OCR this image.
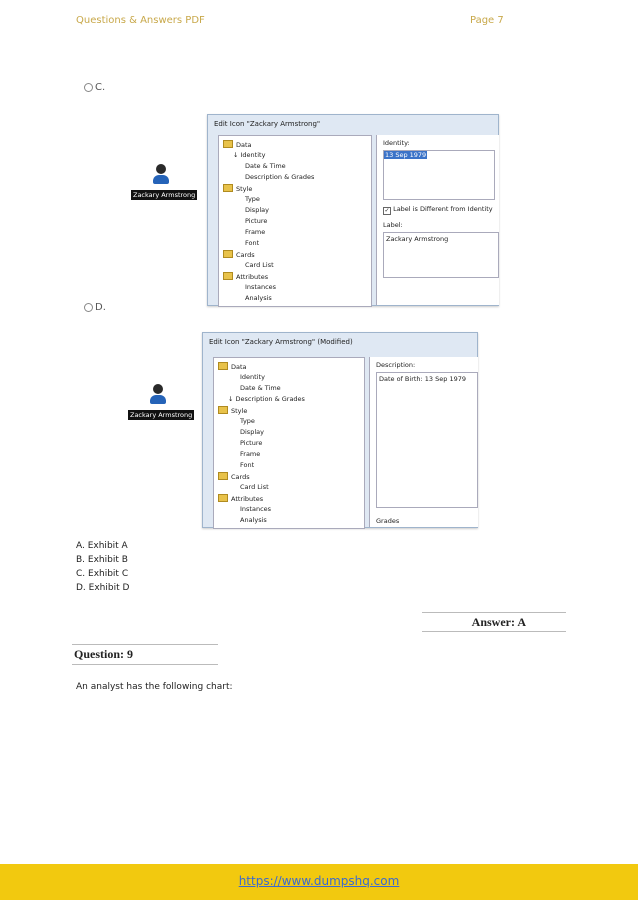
Questions & Answers PDF	Page 7
C.
Zackary Armstrong
Edit Icon "Zackary Armstrong"
Data
↓ Identity
Date & Time
Description & Grades
Style
Type
Display
Picture
Frame
Font
Cards
Card List
Attributes
Instances
Analysis
Identity:
13 Sep 1979
✓ Label is Different from Identity
Label:
Zackary Armstrong
D.
Zackary Armstrong
Edit Icon "Zackary Armstrong" (Modified)
Data
Identity
Date & Time
↓ Description & Grades
Style
Type
Display
Picture
Frame
Font
Cards
Card List
Attributes
Instances
Analysis
Description:
Date of Birth: 13 Sep 1979
Grades
A. Exhibit A
B. Exhibit B
C. Exhibit C
D. Exhibit D
Answer: A
Question: 9
An analyst has the following chart:
https://www.dumpshq.com
